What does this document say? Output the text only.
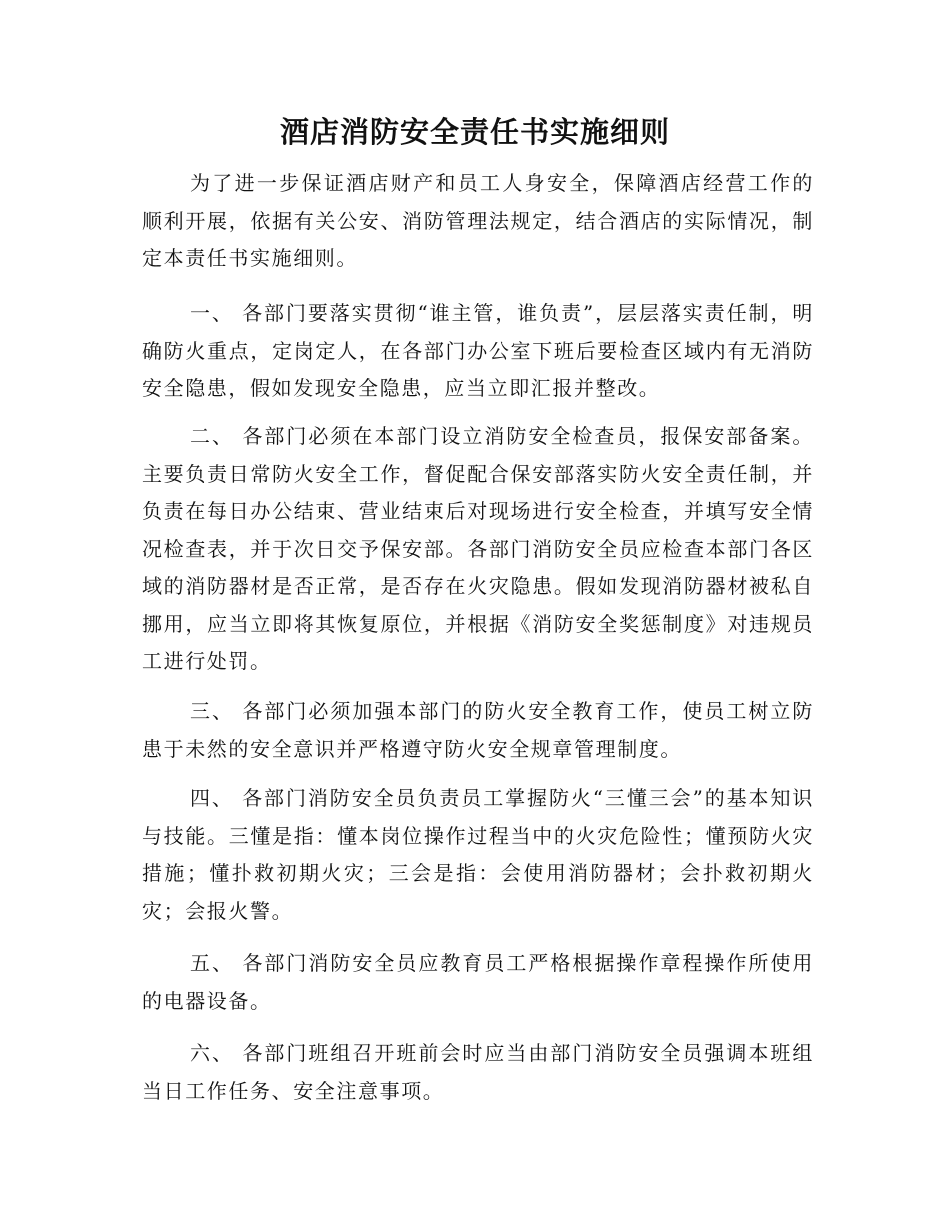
酒店消防安全责任书实施细则
为了进一步保证酒店财产和员工人身安全，保障酒店经营工作的顺利开展，依据有关公安、消防管理法规定，结合酒店的实际情况，制定本责任书实施细则。
一、 各部门要落实贯彻“谁主管，谁负责”，层层落实责任制，明确防火重点，定岗定人，在各部门办公室下班后要检查区域内有无消防安全隐患，假如发现安全隐患，应当立即汇报并整改。
二、 各部门必须在本部门设立消防安全检查员，报保安部备案。主要负责日常防火安全工作，督促配合保安部落实防火安全责任制，并负责在每日办公结束、营业结束后对现场进行安全检查，并填写安全情况检查表，并于次日交予保安部。各部门消防安全员应检查本部门各区域的消防器材是否正常，是否存在火灾隐患。假如发现消防器材被私自挪用，应当立即将其恢复原位，并根据《消防安全奖惩制度》对违规员工进行处罚。
三、 各部门必须加强本部门的防火安全教育工作，使员工树立防患于未然的安全意识并严格遵守防火安全规章管理制度。
四、 各部门消防安全员负责员工掌握防火“三懂三会”的基本知识与技能。三懂是指：懂本岗位操作过程当中的火灾危险性；懂预防火灾措施；懂扑救初期火灾；三会是指：会使用消防器材；会扑救初期火灾；会报火警。
五、 各部门消防安全员应教育员工严格根据操作章程操作所使用的电器设备。
六、 各部门班组召开班前会时应当由部门消防安全员强调本班组当日工作任务、安全注意事项。
